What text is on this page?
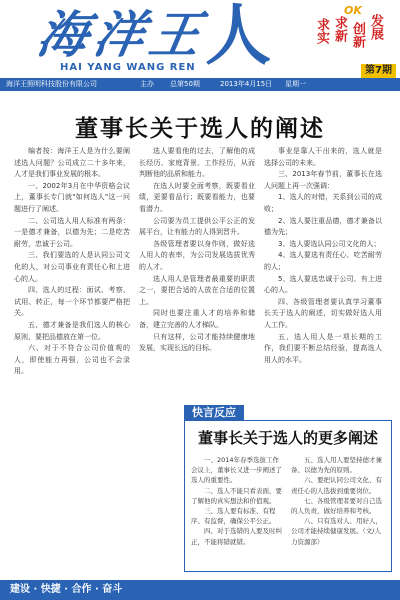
海洋王
人
HAI YANG WANG REN
OK
求实 求新 创新 发展
第7期
海洋王照明科技股份有限公司	主办 总第50期	2013年4月15日 星期一
董事长关于选人的阐述

编者按：海洋王人是为什么要阐述选人问题？公司成立二十多年来，人才是我们事业发展的根本。

一、2002年3月在中华资格会议上，董事长专门就"如何选人"这一问题进行了阐述。

二、公司选人用人标准有两条：一是德才兼备，以德为先；二是吃苦耐劳，忠诚于公司。

三、我们要选的人是认同公司文化的人，对公司事业有责任心和上进心的人。

四、选人的过程：面试、考察、试用、转正，每一个环节都要严格把关。

五、德才兼备是我们选人的核心原则，要把品德放在第一位。

六、对于不符合公司价值观的人，即使能力再强，公司也不会录用。

选人要看他的过去，了解他的成长经历、家庭背景、工作经历，从而判断他的品质和能力。

在选人时要全面考察，既要看业绩，更要看品行；既要看能力，也要看潜力。

公司要为员工提供公平公正的发展平台，让有能力的人得到晋升。

各级管理者要以身作则，做好选人用人的表率，为公司发展选拔优秀的人才。

选人用人是管理者最重要的职责之一，要把合适的人放在合适的位置上。

同时也要注重人才的培养和储备，建立完善的人才梯队。

只有这样，公司才能持续健康地发展，实现长远的目标。

事业是靠人干出来的，选人就是选择公司的未来。

三、2013年春节前，董事长在选人问题上再一次强调：

1、选人的对错，关系到公司的成败；

2、选人要注重品德，德才兼备以德为先；

3、选人要选认同公司文化的人；

4、选人要选有责任心、吃苦耐劳的人；

5、选人要选忠诚于公司、有上进心的人。

四、各级管理者要认真学习董事长关于选人的阐述，切实做好选人用人工作。

五、选人用人是一项长期的工作，我们要不断总结经验，提高选人用人的水平。

快言反应
董事长关于选人的更多阐述

一、2014年春季选拔工作会议上，董事长又进一步阐述了选人的重要性。

二、选人不能只看表面，要了解他的真实想法和价值观。

三、选人要有标准、有程序、有监督，确保公平公正。

四、对于选错的人要及时纠正，不能将错就错。

五、选人用人要坚持德才兼备、以德为先的原则。

六、要把认同公司文化、有责任心的人选拔到重要岗位。

七、各级管理者要对自己选的人负责，做好培养和考核。

八、只有选对人、用好人，公司才能持续健康发展。（文/人力资源部）

建设 · 快捷 · 合作 · 奋斗
